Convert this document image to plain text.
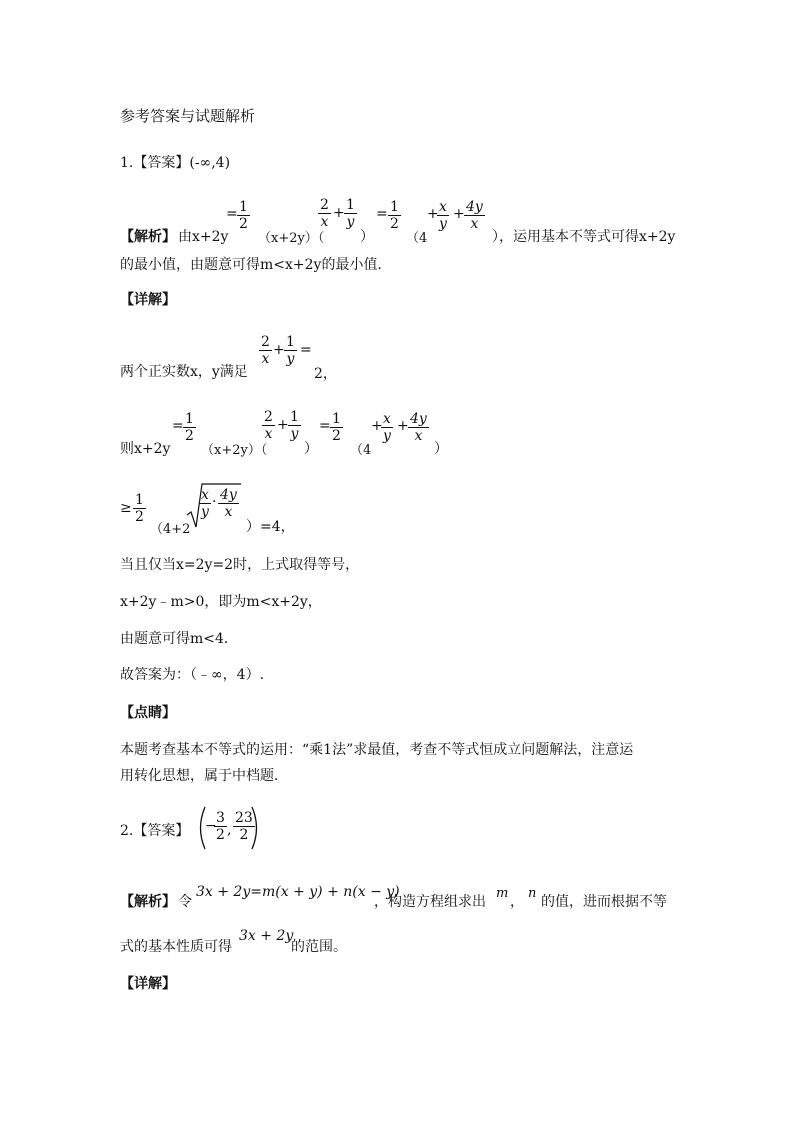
参考答案与试题解析
1.【答案】(-∞,4)
【解析】 由x+2y
= 1
2
（x+2y）（
2
x
+ 1
y
）
= 1
2
（4
+ x
y
+ 4y
x
），运用基本不等式可得x+2y
的最小值，由题意可得m<x+2y的最小值．
【详解】
两个正实数x，y满足
2
x
+ 1
y
=
2，
则x+2y
= 1
2
（x+2y）（
2
x
+ 1
y
）
= 1
2
（4
+ x
y
+ 4y
x
）
≥ 1
2
（4+2
x
y
· 4y
x
）=4，
当且仅当x=2y=2时，上式取得等号，
x+2y﹣m>0，即为m<x+2y，
由题意可得m<4.
故答案为：（﹣∞，4）.
【点睛】
本题考查基本不等式的运用：“乘1法”求最值，考查不等式恒成立问题解法，注意运
用转化思想，属于中档题．
2.【答案】 − 3
2 ,
23
2
【解析】 令
3x + 2y=m(x + y) + n(x − y)
，构造方程组求出
m
，
n
的值，进而根据不等
式的基本性质可得
3x + 2y
的范围。
【详解】
